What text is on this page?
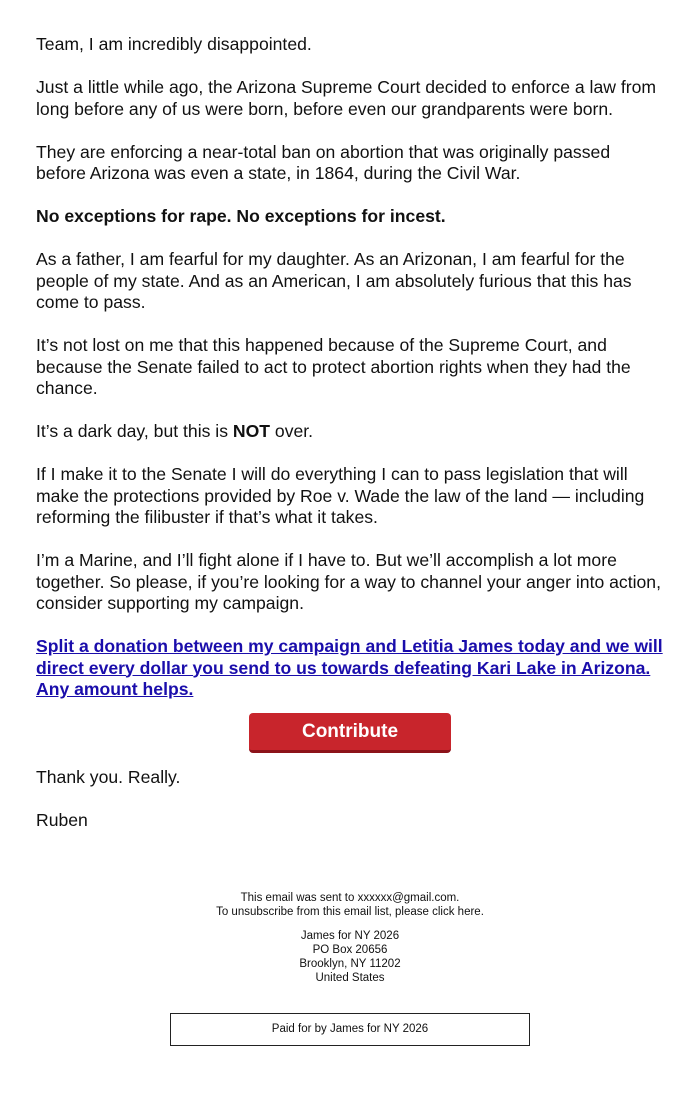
Team, I am incredibly disappointed.

Just a little while ago, the Arizona Supreme Court decided to enforce a law from long before any of us were born, before even our grandparents were born.

They are enforcing a near-total ban on abortion that was originally passed before Arizona was even a state, in 1864, during the Civil War.

No exceptions for rape. No exceptions for incest.

As a father, I am fearful for my daughter. As an Arizonan, I am fearful for the people of my state. And as an American, I am absolutely furious that this has come to pass.

It’s not lost on me that this happened because of the Supreme Court, and because the Senate failed to act to protect abortion rights when they had the chance.

It’s a dark day, but this is NOT over.

If I make it to the Senate I will do everything I can to pass legislation that will make the protections provided by Roe v. Wade the law of the land — including reforming the filibuster if that’s what it takes.

I’m a Marine, and I’ll fight alone if I have to. But we’ll accomplish a lot more together. So please, if you’re looking for a way to channel your anger into action, consider supporting my campaign.

Split a donation between my campaign and Letitia James today and we will direct every dollar you send to us towards defeating Kari Lake in Arizona. Any amount helps.
Contribute

Thank you. Really.

Ruben

This email was sent to xxxxxx@gmail.com.

To unsubscribe from this email list, please click here.

James for NY 2026

PO Box 20656

Brooklyn, NY 11202

United States

Paid for by James for NY 2026
